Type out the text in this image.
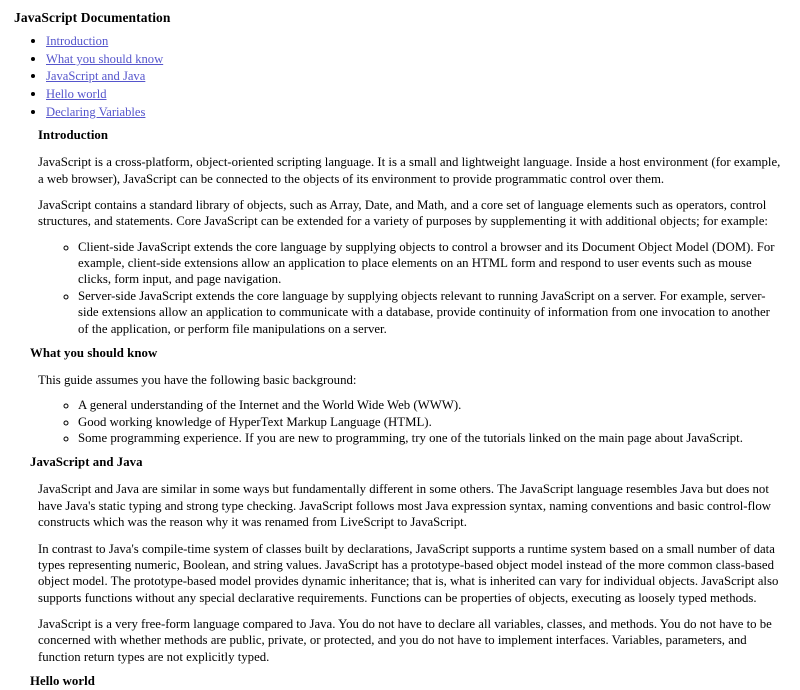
JavaScript Documentation
• Introduction
• What you should know
• JavaScript and Java
• Hello world
• Declaring Variables
Introduction

JavaScript is a cross-platform, object-oriented scripting language. It is a small and lightweight language. Inside a host environment (for example, a web browser), JavaScript can be connected to the objects of its environment to provide programmatic control over them.

JavaScript contains a standard library of objects, such as Array, Date, and Math, and a core set of language elements such as operators, control structures, and statements. Core JavaScript can be extended for a variety of purposes by supplementing it with additional objects; for example:

◦ Client-side JavaScript extends the core language by supplying objects to control a browser and its Document Object Model (DOM). For example, client-side extensions allow an application to place elements on an HTML form and respond to user events such as mouse clicks, form input, and page navigation.
◦ Server-side JavaScript extends the core language by supplying objects relevant to running JavaScript on a server. For example, server-side extensions allow an application to communicate with a database, provide continuity of information from one invocation to another of the application, or perform file manipulations on a server.
What you should know

This guide assumes you have the following basic background:

◦ A general understanding of the Internet and the World Wide Web (WWW).
◦ Good working knowledge of HyperText Markup Language (HTML).
◦ Some programming experience. If you are new to programming, try one of the tutorials linked on the main page about JavaScript.
JavaScript and Java

JavaScript and Java are similar in some ways but fundamentally different in some others. The JavaScript language resembles Java but does not have Java's static typing and strong type checking. JavaScript follows most Java expression syntax, naming conventions and basic control-flow constructs which was the reason why it was renamed from LiveScript to JavaScript.

In contrast to Java's compile-time system of classes built by declarations, JavaScript supports a runtime system based on a small number of data types representing numeric, Boolean, and string values. JavaScript has a prototype-based object model instead of the more common class-based object model. The prototype-based model provides dynamic inheritance; that is, what is inherited can vary for individual objects. JavaScript also supports functions without any special declarative requirements. Functions can be properties of objects, executing as loosely typed methods.

JavaScript is a very free-form language compared to Java. You do not have to declare all variables, classes, and methods. You do not have to be concerned with whether methods are public, private, or protected, and you do not have to implement interfaces. Variables, parameters, and function return types are not explicitly typed.

Hello world
